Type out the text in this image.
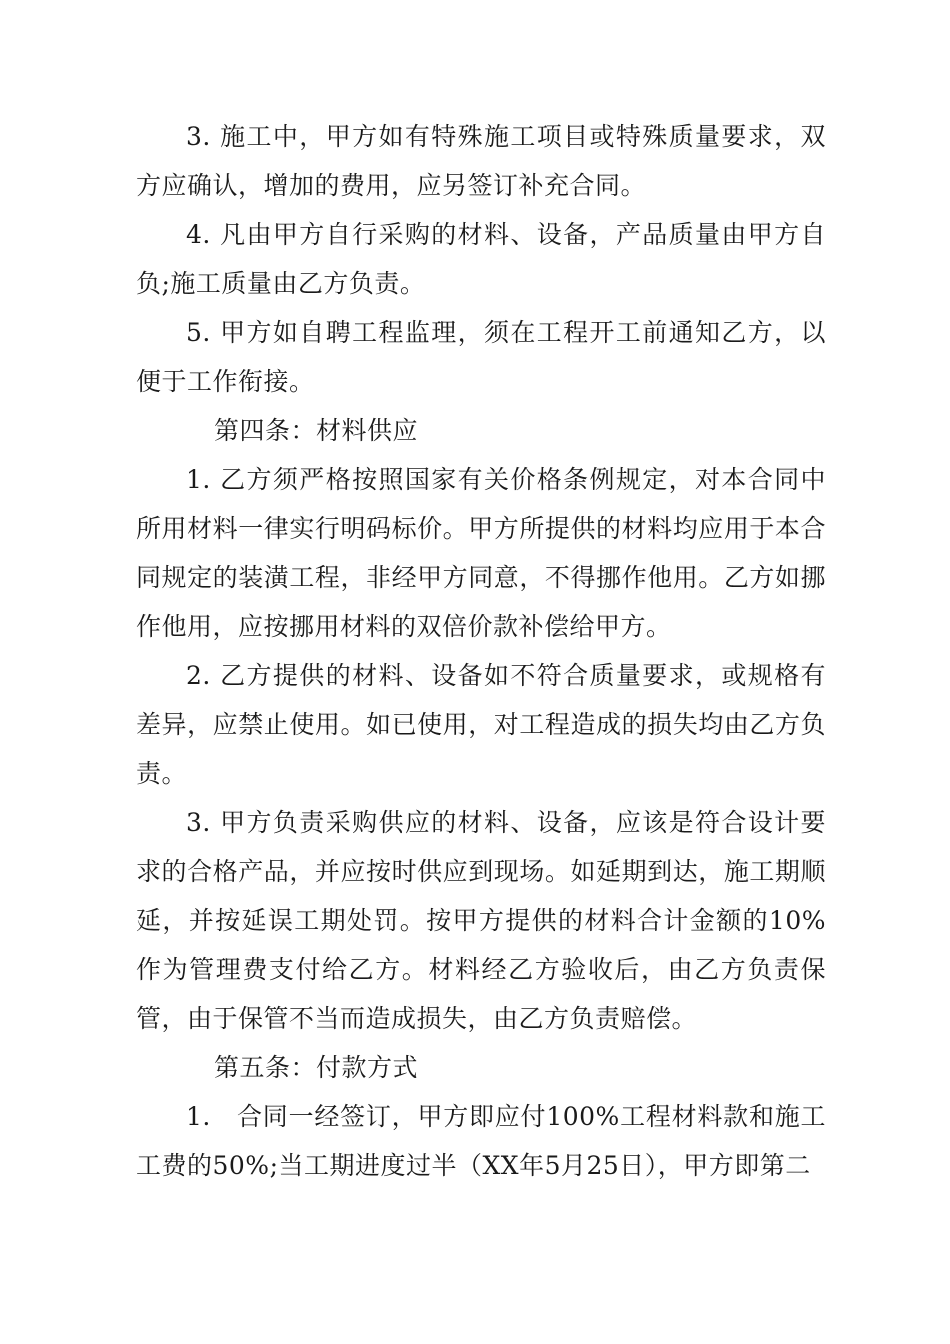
3. 施工中，甲方如有特殊施工项目或特殊质量要求，双方应确认，增加的费用，应另签订补充合同。

4. 凡由甲方自行采购的材料、设备，产品质量由甲方自负;施工质量由乙方负责。

5. 甲方如自聘工程监理，须在工程开工前通知乙方，以便于工作衔接。

第四条：材料供应

1. 乙方须严格按照国家有关价格条例规定，对本合同中所用材料一律实行明码标价。甲方所提供的材料均应用于本合同规定的装潢工程，非经甲方同意，不得挪作他用。乙方如挪作他用，应按挪用材料的双倍价款补偿给甲方。

2. 乙方提供的材料、设备如不符合质量要求，或规格有差异，应禁止使用。如已使用，对工程造成的损失均由乙方负责。

3. 甲方负责采购供应的材料、设备，应该是符合设计要求的合格产品，并应按时供应到现场。如延期到达，施工期顺延，并按延误工期处罚。按甲方提供的材料合计金额的10%作为管理费支付给乙方。材料经乙方验收后，由乙方负责保管，由于保管不当而造成损失，由乙方负责赔偿。

第五条：付款方式

1.   合同一经签订，甲方即应付100%工程材料款和施工工费的50%;当工期进度过半（XX年5月25日），甲方即第二
